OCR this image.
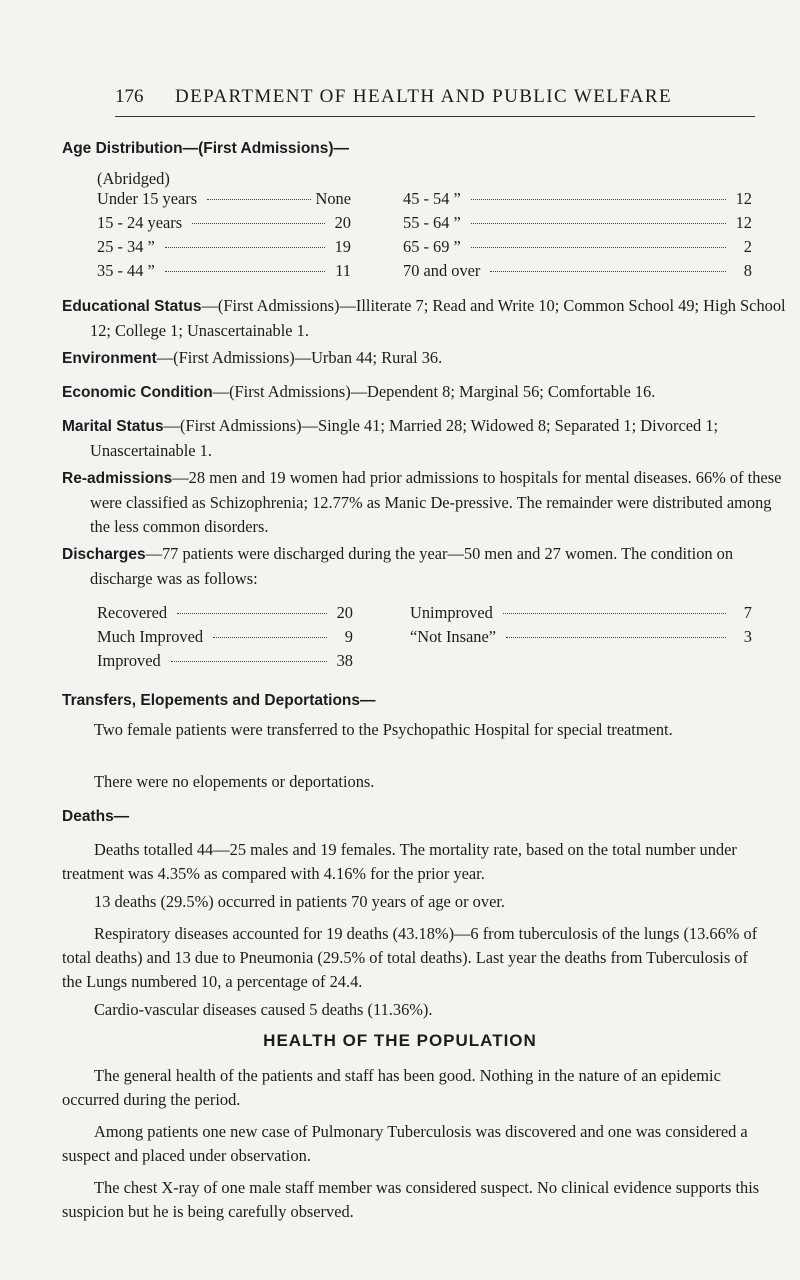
176 DEPARTMENT OF HEALTH AND PUBLIC WELFARE
Age Distribution—(First Admissions)—
(Abridged)
Under 15 years	None
15 - 24 years	20
25 - 34 ”	19
35 - 44 ”	11
45 - 54 ”	12
55 - 64 ”	12
65 - 69 ”	2
70 and over	8
Educational Status—(First Admissions)—Illiterate 7; Read and Write 10; Common School 49; High School 12; College 1; Unascertainable 1.
Environment—(First Admissions)—Urban 44; Rural 36.
Economic Condition—(First Admissions)—Dependent 8; Marginal 56; Comfortable 16.
Marital Status—(First Admissions)—Single 41; Married 28; Widowed 8; Separated 1; Divorced 1; Unascertainable 1.
Re-admissions—28 men and 19 women had prior admissions to hospitals for mental diseases. 66% of these were classified as Schizophrenia; 12.77% as Manic De-pressive. The remainder were distributed among the less common disorders.
Discharges—77 patients were discharged during the year—50 men and 27 women. The condition on discharge was as follows:
Recovered	20
Much Improved	9
Improved	38
Unimproved	7
“Not Insane”	3
Transfers, Elopements and Deportations—
Two female patients were transferred to the Psychopathic Hospital for special treatment.
There were no elopements or deportations.
Deaths—
Deaths totalled 44—25 males and 19 females. The mortality rate, based on the total number under treatment was 4.35% as compared with 4.16% for the prior year.
13 deaths (29.5%) occurred in patients 70 years of age or over.
Respiratory diseases accounted for 19 deaths (43.18%)—6 from tuberculosis of the lungs (13.66% of total deaths) and 13 due to Pneumonia (29.5% of total deaths). Last year the deaths from Tuberculosis of the Lungs numbered 10, a percentage of 24.4.
Cardio-vascular diseases caused 5 deaths (11.36%).
HEALTH OF THE POPULATION
The general health of the patients and staff has been good. Nothing in the nature of an epidemic occurred during the period.
Among patients one new case of Pulmonary Tuberculosis was discovered and one was considered a suspect and placed under observation.
The chest X-ray of one male staff member was considered suspect. No clinical evidence supports this suspicion but he is being carefully observed.
